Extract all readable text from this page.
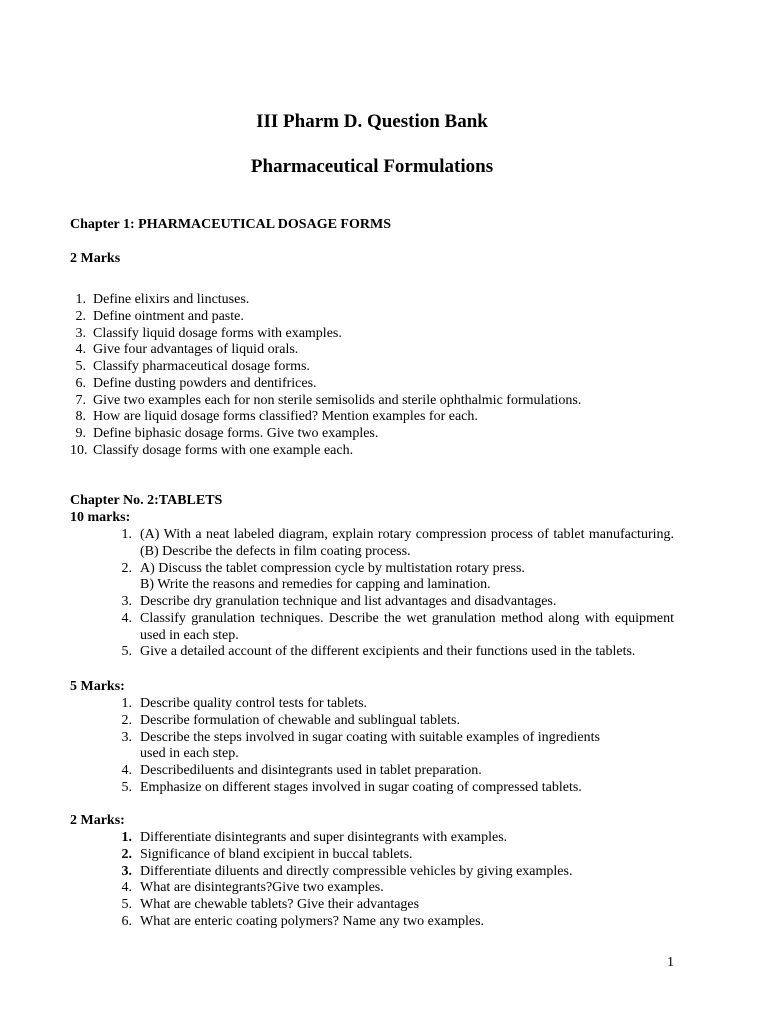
III Pharm D. Question Bank
Pharmaceutical Formulations
Chapter 1: PHARMACEUTICAL DOSAGE FORMS
2 Marks
1. Define elixirs and linctuses.
2. Define ointment and paste.
3. Classify liquid dosage forms with examples.
4. Give four advantages of liquid orals.
5. Classify pharmaceutical dosage forms.
6. Define dusting powders and dentifrices.
7. Give two examples each for non sterile semisolids and sterile ophthalmic formulations.
8. How are liquid dosage forms classified? Mention examples for each.
9. Define biphasic dosage forms. Give two examples.
10. Classify dosage forms with one example each.
Chapter No. 2:TABLETS
10 marks:
1. (A) With a neat labeled diagram, explain rotary compression process of tablet manufacturing. (B) Describe the defects in film coating process.
2. A) Discuss the tablet compression cycle by multistation rotary press.
B) Write the reasons and remedies for capping and lamination.
3. Describe dry granulation technique and list advantages and disadvantages.
4. Classify granulation techniques. Describe the wet granulation method along with equipment used in each step.
5. Give a detailed account of the different excipients and their functions used in the tablets.
5 Marks:
1. Describe quality control tests for tablets.
2. Describe formulation of chewable and sublingual tablets.
3. Describe the steps involved in sugar coating with suitable examples of ingredients used in each step.
4. Describediluents and disintegrants used in tablet preparation.
5. Emphasize on different stages involved in sugar coating of compressed tablets.
2 Marks:
1. Differentiate disintegrants and super disintegrants with examples.
2. Significance of bland excipient in buccal tablets.
3. Differentiate diluents and directly compressible vehicles by giving examples.
4. What are disintegrants?Give two examples.
5. What are chewable tablets? Give their advantages
6. What are enteric coating polymers? Name any two examples.
1
